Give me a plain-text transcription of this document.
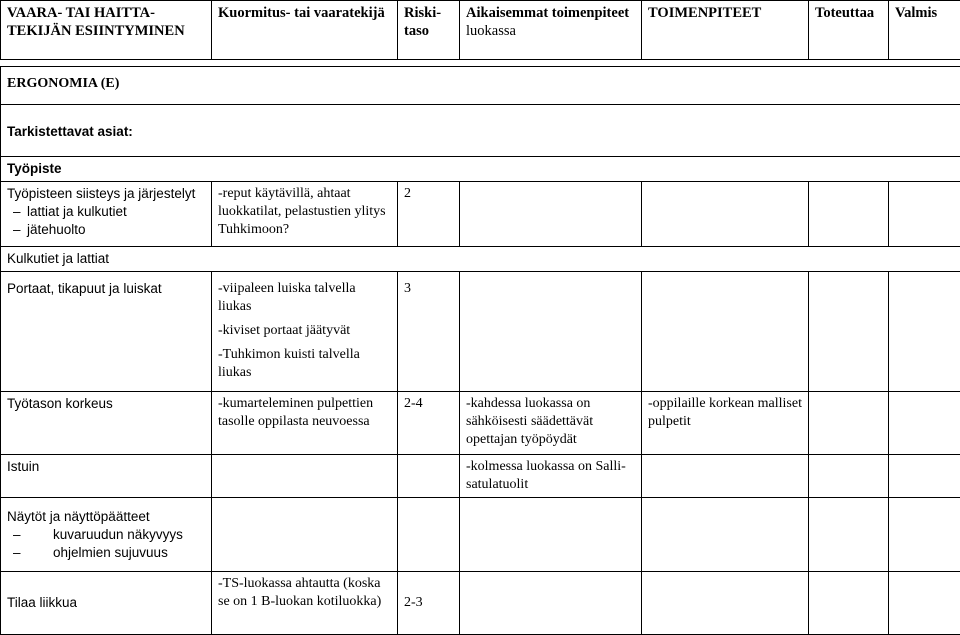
VAARA- TAI HAITTA-TEKIJÄN ESIINTYMINEN	Kuormitus- tai vaaratekijä	Riski-taso	Aikaisemmat toimenpiteet
luokassa	TOIMENPITEET	Toteuttaa	Valmis

ERGONOMIA (E)						
Tarkistettavat asiat:						
Työpiste						
Työpisteen siisteys ja järjestelyt
– lattiat ja kulkutiet
– jätehuolto	-reput käytävillä, ahtaat luokkatilat, pelastustien ylitys Tuhkimoon?	2				
Kulkutiet ja lattiat						
Portaat, tikapuut ja luiskat	-viipaleen luiska talvella liukas

-kiviset portaat jäätyvät

-Tuhkimon kuisti talvella liukas	3				
Työtason korkeus	-kumarteleminen pulpettien tasolle oppilasta neuvoessa	2-4	-kahdessa luokassa on sähköisesti säädettävät opettajan työpöydät	-oppilaille korkean malliset pulpetit		
Istuin			-kolmessa luokassa on Salli-satulatuolit			
Näytöt ja näyttöpäätteet
– kuvaruudun näkyvyys
– ohjelmien sujuvuus

Tilaa liikkua	-TS-luokassa ahtautta (koska se on 1 B-luokan kotiluokka)	2-3				
